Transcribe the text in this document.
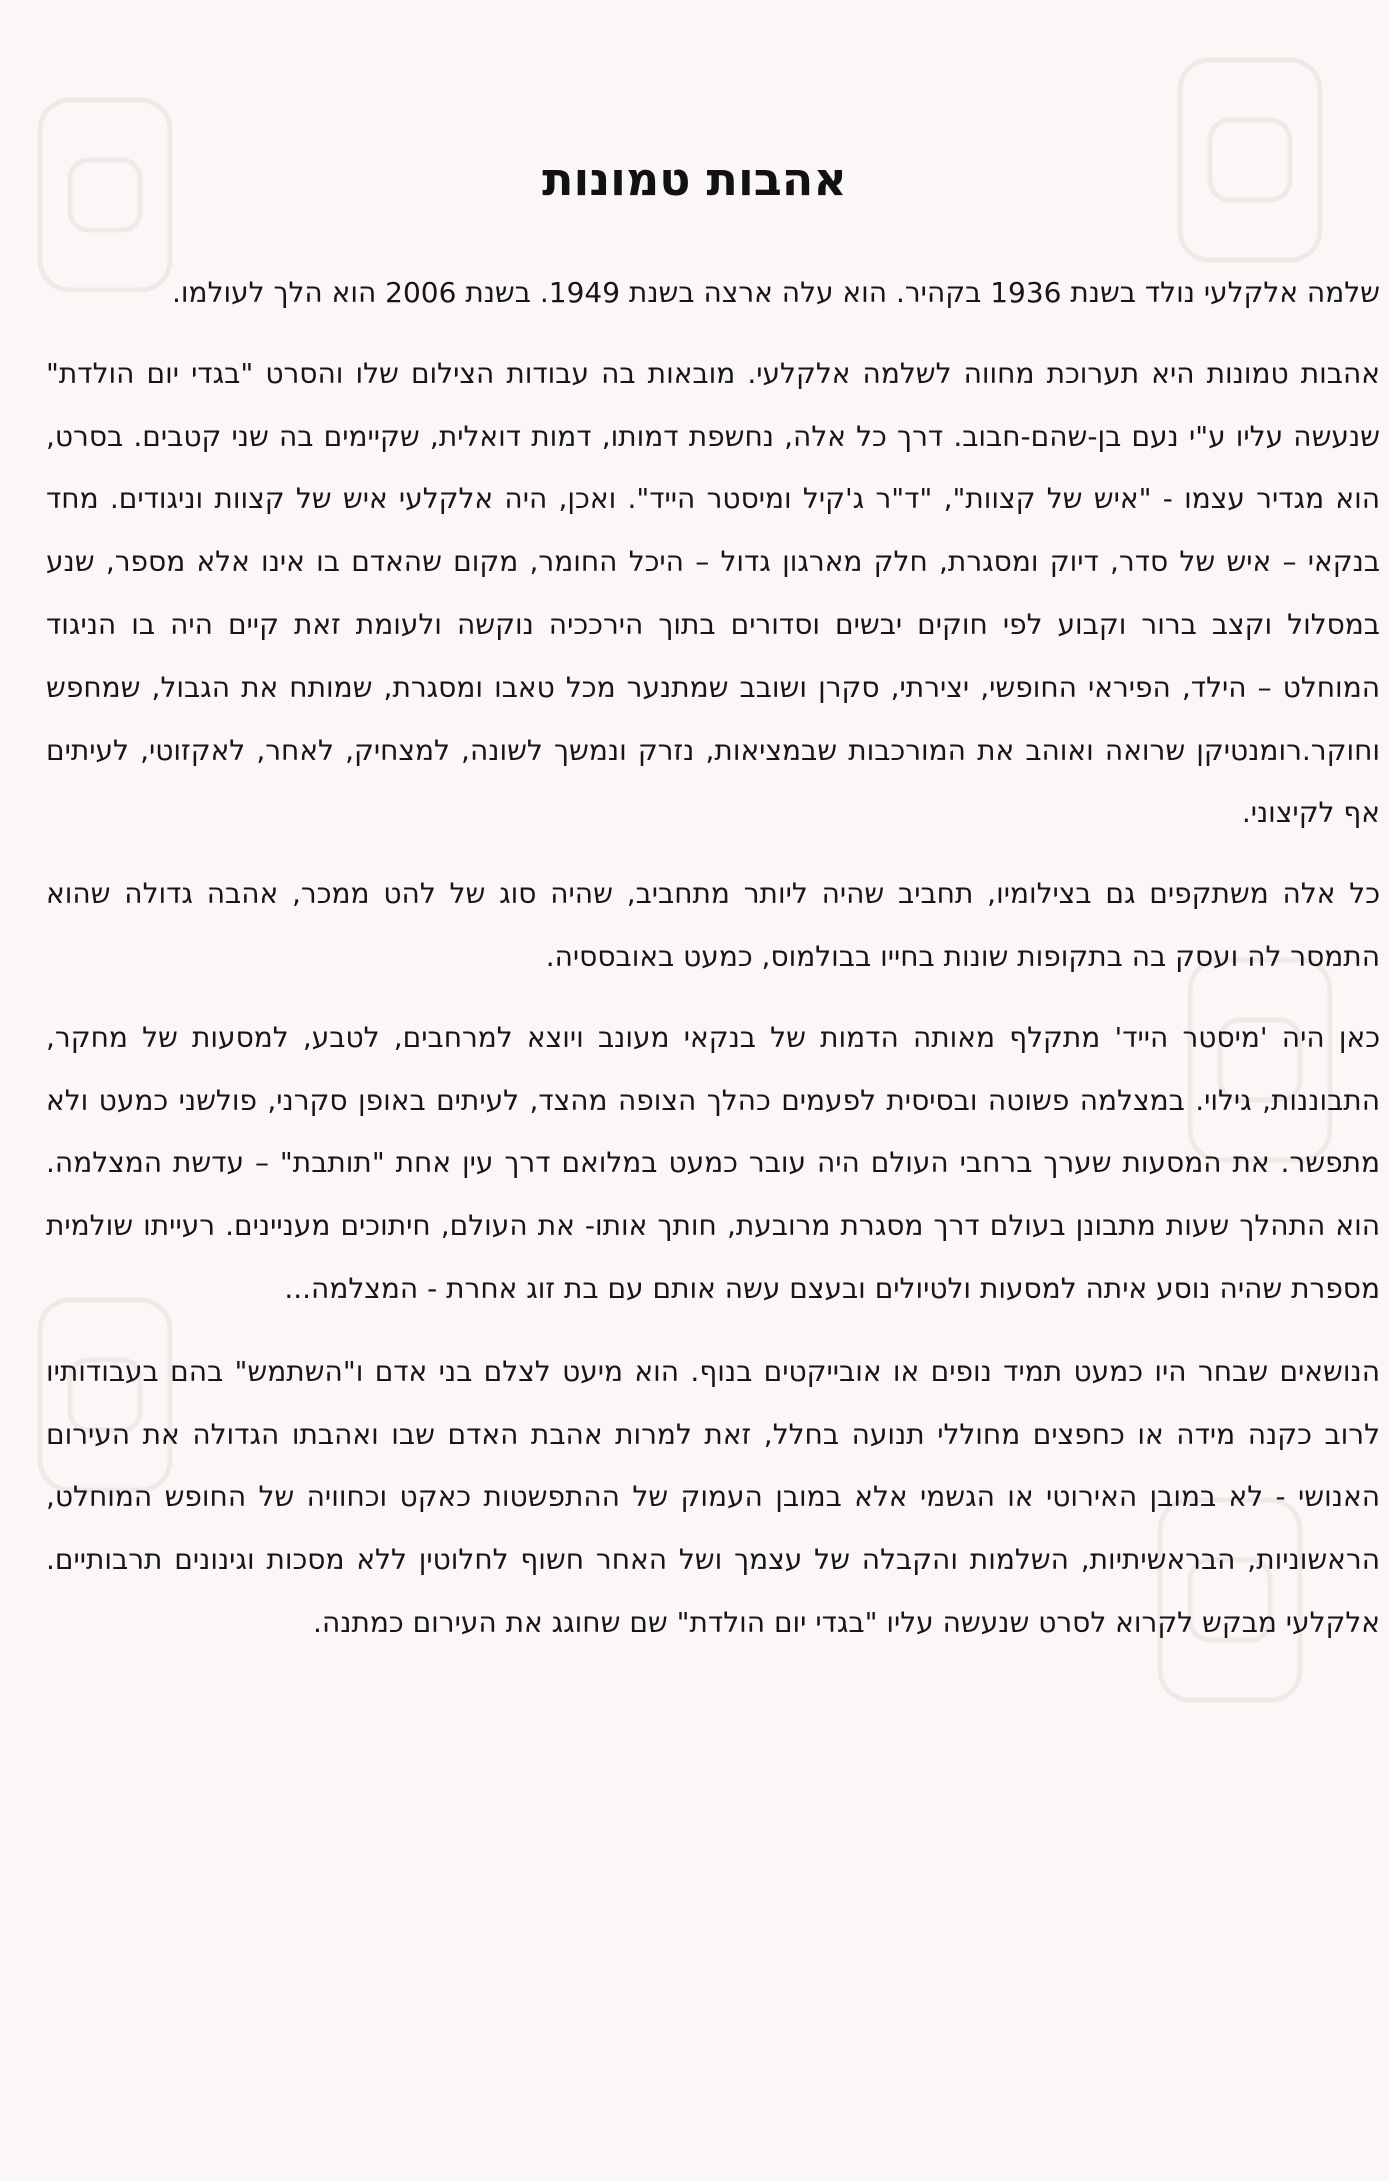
אהבות טמונות

שלמה אלקלעי נולד בשנת 1936 בקהיר. הוא עלה ארצה בשנת 1949. בשנת 2006 הוא הלך לעולמו.

אהבות טמונות היא תערוכת מחווה לשלמה אלקלעי. מובאות בה עבודות הצילום שלו והסרט "בגדי יום הולדת" שנעשה עליו ע"י נעם בן-שהם-חבוב. דרך כל אלה, נחשפת דמותו, דמות דואלית, שקיימים בה שני קטבים. בסרט, הוא מגדיר עצמו - "איש של קצוות", "ד"ר ג'קיל ומיסטר הייד". ואכן, היה אלקלעי איש של קצוות וניגודים. מחד בנקאי – איש של סדר, דיוק ומסגרת, חלק מארגון גדול – היכל החומר, מקום שהאדם בו אינו אלא מספר, שנע במסלול וקצב ברור וקבוע לפי חוקים יבשים וסדורים בתוך הירככיה נוקשה ולעומת זאת קיים היה בו הניגוד המוחלט – הילד, הפיראי החופשי, יצירתי, סקרן ושובב שמתנער מכל טאבו ומסגרת, שמותח את הגבול, שמחפש וחוקר.רומנטיקן שרואה ואוהב את המורכבות שבמציאות, נזרק ונמשך לשונה, למצחיק, לאחר, לאקזוטי, לעיתים אף לקיצוני.

כל אלה משתקפים גם בצילומיו, תחביב שהיה ליותר מתחביב, שהיה סוג של להט ממכר, אהבה גדולה שהוא התמסר לה ועסק בה בתקופות שונות בחייו בבולמוס, כמעט באובססיה.

כאן היה 'מיסטר הייד' מתקלף מאותה הדמות של בנקאי מעונב ויוצא למרחבים, לטבע, למסעות של מחקר, התבוננות, גילוי. במצלמה פשוטה ובסיסית לפעמים כהלך הצופה מהצד, לעיתים באופן סקרני, פולשני כמעט ולא מתפשר. את המסעות שערך ברחבי העולם היה עובר כמעט במלואם דרך עין אחת "תותבת" – עדשת המצלמה. הוא התהלך שעות מתבונן בעולם דרך מסגרת מרובעת, חותך אותו- את העולם, חיתוכים מעניינים. רעייתו שולמית מספרת שהיה נוסע איתה למסעות ולטיולים ובעצם עשה אותם עם בת זוג אחרת - המצלמה...

הנושאים שבחר היו כמעט תמיד נופים או אובייקטים בנוף. הוא מיעט לצלם בני אדם ו"השתמש" בהם בעבודותיו לרוב כקנה מידה או כחפצים מחוללי תנועה בחלל, זאת למרות אהבת האדם שבו ואהבתו הגדולה את העירום האנושי - לא במובן האירוטי או הגשמי אלא במובן העמוק של ההתפשטות כאקט וכחוויה של החופש המוחלט, הראשוניות, הבראשיתיות, השלמות והקבלה של עצמך ושל האחר חשוף לחלוטין ללא מסכות וגינונים תרבותיים. אלקלעי מבקש לקרוא לסרט שנעשה עליו "בגדי יום הולדת" שם שחוגג את העירום כמתנה.
